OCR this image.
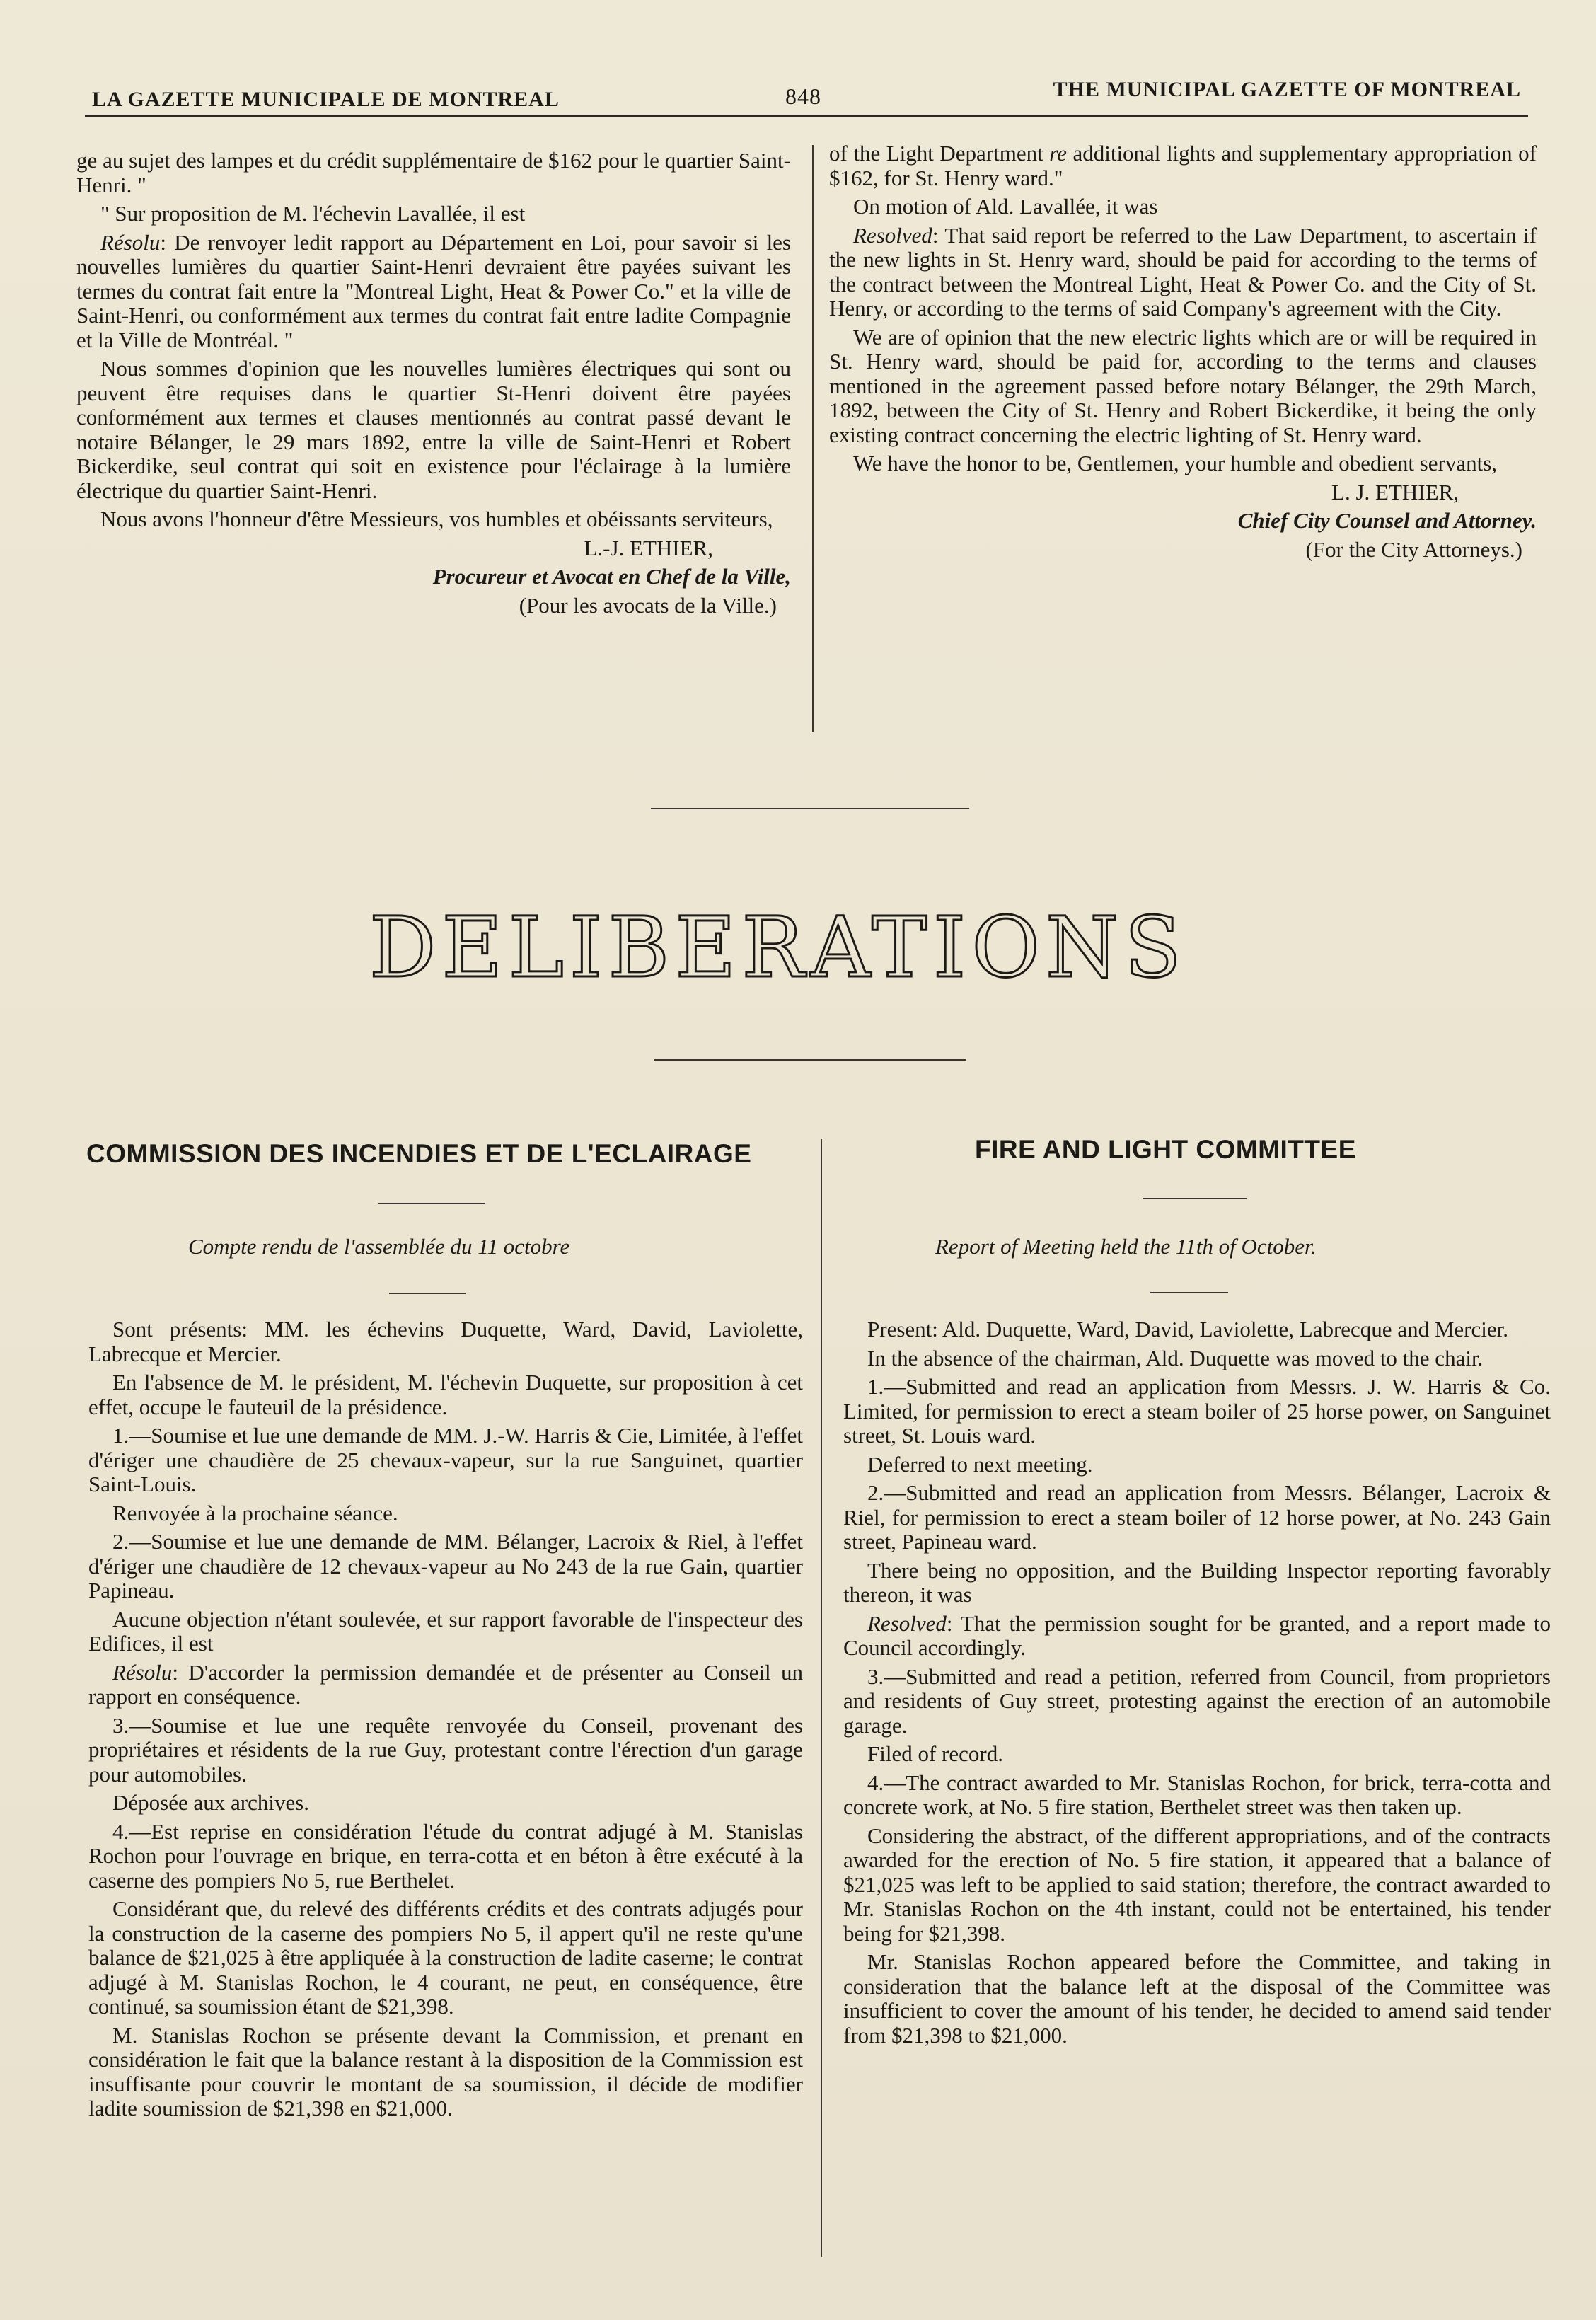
LA GAZETTE MUNICIPALE DE MONTREAL	848	THE MUNICIPAL GAZETTE OF MONTREAL

ge au sujet des lampes et du crédit supplémentaire de $162 pour le quartier Saint-Henri. "

" Sur proposition de M. l'échevin Lavallée, il est

Résolu: De renvoyer ledit rapport au Département en Loi, pour savoir si les nouvelles lumières du quartier Saint-Henri devraient être payées suivant les termes du contrat fait entre la "Montreal Light, Heat & Power Co." et la ville de Saint-Henri, ou conformément aux termes du contrat fait entre ladite Compagnie et la Ville de Montréal. "

Nous sommes d'opinion que les nouvelles lumières électriques qui sont ou peuvent être requises dans le quartier St-Henri doivent être payées conformément aux termes et clauses mentionnés au contrat passé devant le notaire Bélanger, le 29 mars 1892, entre la ville de Saint-Henri et Robert Bickerdike, seul contrat qui soit en existence pour l'éclairage à la lumière électrique du quartier Saint-Henri.

Nous avons l'honneur d'être Messieurs, vos humbles et obéissants serviteurs,

L.-J. ETHIER,

Procureur et Avocat en Chef de la Ville,

(Pour les avocats de la Ville.)

of the Light Department re additional lights and supplementary appropriation of $162, for St. Henry ward."

On motion of Ald. Lavallée, it was

Resolved: That said report be referred to the Law Department, to ascertain if the new lights in St. Henry ward, should be paid for according to the terms of the contract between the Montreal Light, Heat & Power Co. and the City of St. Henry, or according to the terms of said Company's agreement with the City.

We are of opinion that the new electric lights which are or will be required in St. Henry ward, should be paid for, according to the terms and clauses mentioned in the agreement passed before notary Bélanger, the 29th March, 1892, between the City of St. Henry and Robert Bickerdike, it being the only existing contract concerning the electric lighting of St. Henry ward.

We have the honor to be, Gentlemen, your humble and obedient servants,

L. J. ETHIER,

Chief City Counsel and Attorney.

(For the City Attorneys.)

DELIBERATIONS
COMMISSION DES INCENDIES ET DE L'ECLAIRAGE	FIRE AND LIGHT COMMITTEE
Compte rendu de l'assemblée du 11 octobre	Report of Meeting held the 11th of October.

Sont présents: MM. les échevins Duquette, Ward, David, Laviolette, Labrecque et Mercier.

En l'absence de M. le président, M. l'échevin Duquette, sur proposition à cet effet, occupe le fauteuil de la présidence.

1.—Soumise et lue une demande de MM. J.-W. Harris & Cie, Limitée, à l'effet d'ériger une chaudière de 25 chevaux-vapeur, sur la rue Sanguinet, quartier Saint-Louis.

Renvoyée à la prochaine séance.

2.—Soumise et lue une demande de MM. Bélanger, Lacroix & Riel, à l'effet d'ériger une chaudière de 12 chevaux-vapeur au No 243 de la rue Gain, quartier Papineau.

Aucune objection n'étant soulevée, et sur rapport favorable de l'inspecteur des Edifices, il est

Résolu: D'accorder la permission demandée et de présenter au Conseil un rapport en conséquence.

3.—Soumise et lue une requête renvoyée du Conseil, provenant des propriétaires et résidents de la rue Guy, protestant contre l'érection d'un garage pour automobiles.

Déposée aux archives.

4.—Est reprise en considération l'étude du contrat adjugé à M. Stanislas Rochon pour l'ouvrage en brique, en terra-cotta et en béton à être exécuté à la caserne des pompiers No 5, rue Berthelet.

Considérant que, du relevé des différents crédits et des contrats adjugés pour la construction de la caserne des pompiers No 5, il appert qu'il ne reste qu'une balance de $21,025 à être appliquée à la construction de ladite caserne; le contrat adjugé à M. Stanislas Rochon, le 4 courant, ne peut, en conséquence, être continué, sa soumission étant de $21,398.

M. Stanislas Rochon se présente devant la Commission, et prenant en considération le fait que la balance restant à la disposition de la Commission est insuffisante pour couvrir le montant de sa soumission, il décide de modifier ladite soumission de $21,398 en $21,000.

Present: Ald. Duquette, Ward, David, Laviolette, Labrecque and Mercier.

In the absence of the chairman, Ald. Duquette was moved to the chair.

1.—Submitted and read an application from Messrs. J. W. Harris & Co. Limited, for permission to erect a steam boiler of 25 horse power, on Sanguinet street, St. Louis ward.

Deferred to next meeting.

2.—Submitted and read an application from Messrs. Bélanger, Lacroix & Riel, for permission to erect a steam boiler of 12 horse power, at No. 243 Gain street, Papineau ward.

There being no opposition, and the Building Inspector reporting favorably thereon, it was

Resolved: That the permission sought for be granted, and a report made to Council accordingly.

3.—Submitted and read a petition, referred from Council, from proprietors and residents of Guy street, protesting against the erection of an automobile garage.

Filed of record.

4.—The contract awarded to Mr. Stanislas Rochon, for brick, terra-cotta and concrete work, at No. 5 fire station, Berthelet street was then taken up.

Considering the abstract, of the different appropriations, and of the contracts awarded for the erection of No. 5 fire station, it appeared that a balance of $21,025 was left to be applied to said station; therefore, the contract awarded to Mr. Stanislas Rochon on the 4th instant, could not be entertained, his tender being for $21,398.

Mr. Stanislas Rochon appeared before the Committee, and taking in consideration that the balance left at the disposal of the Committee was insufficient to cover the amount of his tender, he decided to amend said tender from $21,398 to $21,000.
